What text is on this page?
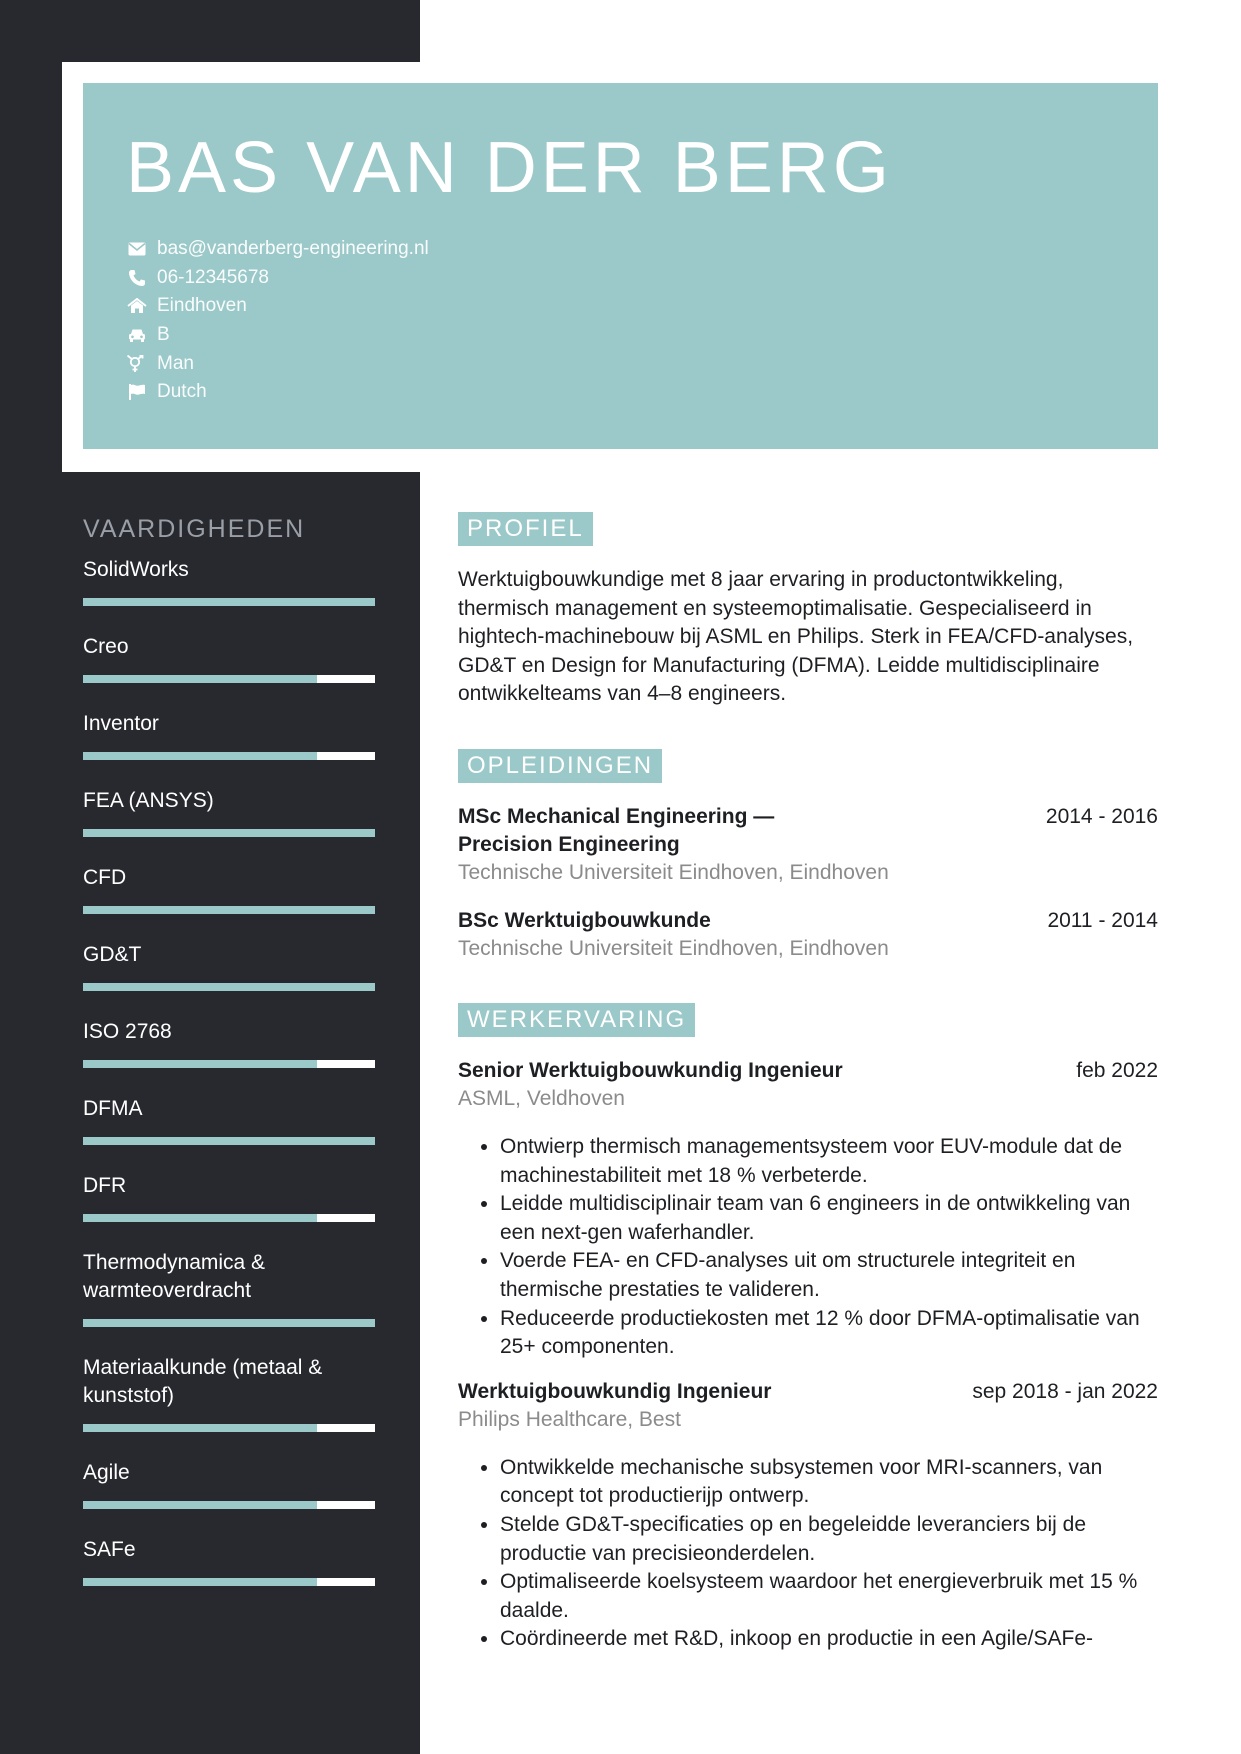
BAS VAN DER BERG
bas@vanderberg-engineering.nl
06-12345678
Eindhoven
B
Man
Dutch
VAARDIGHEDEN
SolidWorks
Creo
Inventor
FEA (ANSYS)
CFD
GD&T
ISO 2768
DFMA
DFR
Thermodynamica & warmteoverdracht
Materiaalkunde (metaal & kunststof)
Agile
SAFe
PROFIEL

Werktuigbouwkundige met 8 jaar ervaring in productontwikkeling, thermisch management en systeemoptimalisatie. Gespecialiseerd in hightech-machinebouw bij ASML en Philips. Sterk in FEA/CFD-analyses, GD&T en Design for Manufacturing (DFMA). Leidde multidisciplinaire ontwikkelteams van 4–8 engineers.

OPLEIDINGEN
MSc Mechanical Engineering — Precision Engineering
2014 - 2016
Technische Universiteit Eindhoven, Eindhoven
BSc Werktuigbouwkunde	2011 - 2014
Technische Universiteit Eindhoven, Eindhoven
WERKERVARING
Senior Werktuigbouwkundig Ingenieur	feb 2022
ASML, Veldhoven
• Ontwierp thermisch managementsysteem voor EUV-module dat de machinestabiliteit met 18 % verbeterde.
• Leidde multidisciplinair team van 6 engineers in de ontwikkeling van een next-gen waferhandler.
• Voerde FEA- en CFD-analyses uit om structurele integriteit en thermische prestaties te valideren.
• Reduceerde productiekosten met 12 % door DFMA-optimalisatie van 25+ componenten.
Werktuigbouwkundig Ingenieur	sep 2018 - jan 2022
Philips Healthcare, Best
• Ontwikkelde mechanische subsystemen voor MRI-scanners, van concept tot productierijp ontwerp.
• Stelde GD&T-specificaties op en begeleidde leveranciers bij de productie van precisieonderdelen.
• Optimaliseerde koelsysteem waardoor het energieverbruik met 15 % daalde.
• Coördineerde met R&D, inkoop en productie in een Agile/SAFe-
